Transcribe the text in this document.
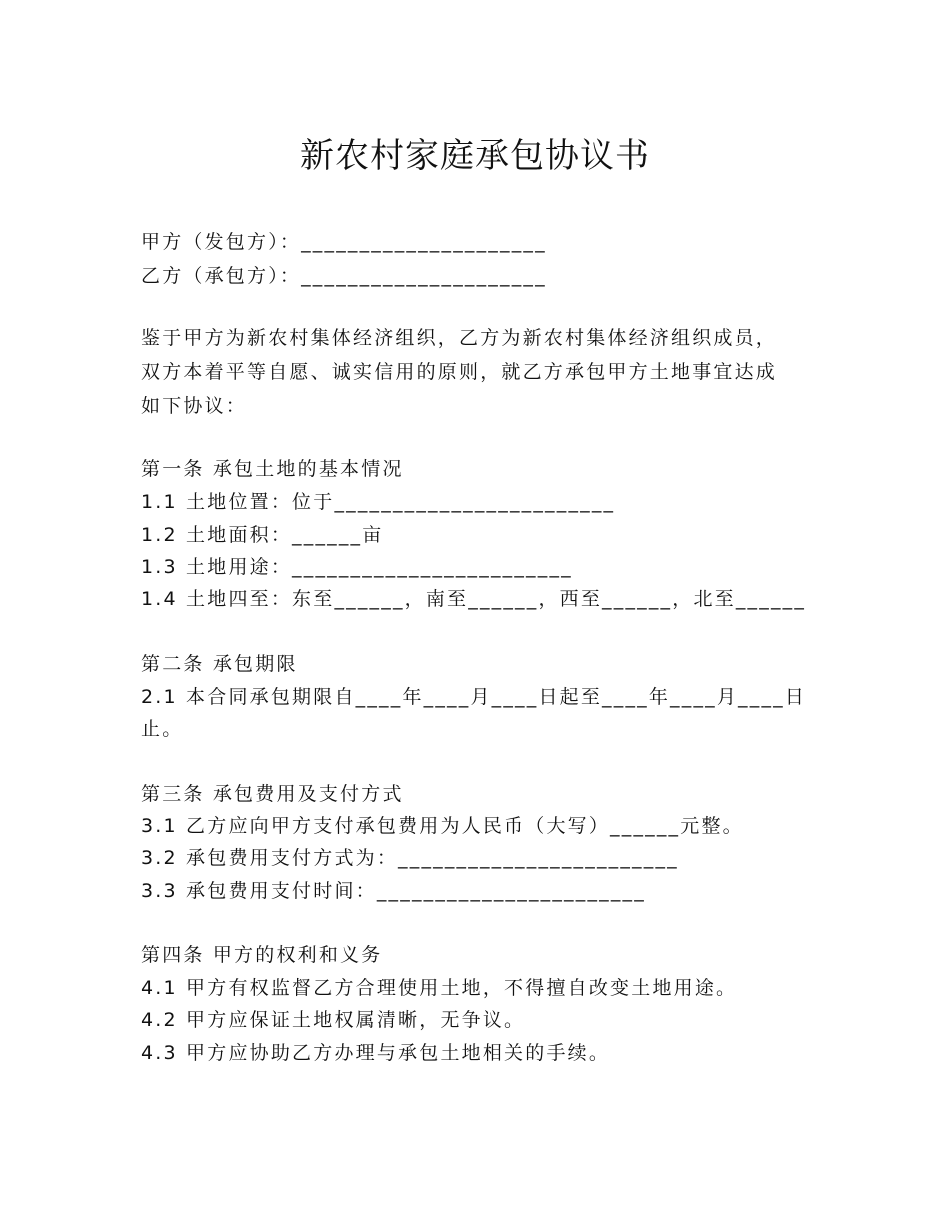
新农村家庭承包协议书

甲方（发包方）：_____________________

乙方（承包方）：_____________________

鉴于甲方为新农村集体经济组织，乙方为新农村集体经济组织成员，

双方本着平等自愿、诚实信用的原则，就乙方承包甲方土地事宜达成

如下协议：

第一条 承包土地的基本情况

1.1 土地位置：位于________________________

1.2 土地面积：______亩

1.3 土地用途：________________________

1.4 土地四至：东至______，南至______，西至______，北至______

第二条 承包期限

2.1 本合同承包期限自____年____月____日起至____年____月____日

止。

第三条 承包费用及支付方式

3.1 乙方应向甲方支付承包费用为人民币（大写）______元整。

3.2 承包费用支付方式为：________________________

3.3 承包费用支付时间：_______________________

第四条 甲方的权利和义务

4.1 甲方有权监督乙方合理使用土地，不得擅自改变土地用途。

4.2 甲方应保证土地权属清晰，无争议。

4.3 甲方应协助乙方办理与承包土地相关的手续。
